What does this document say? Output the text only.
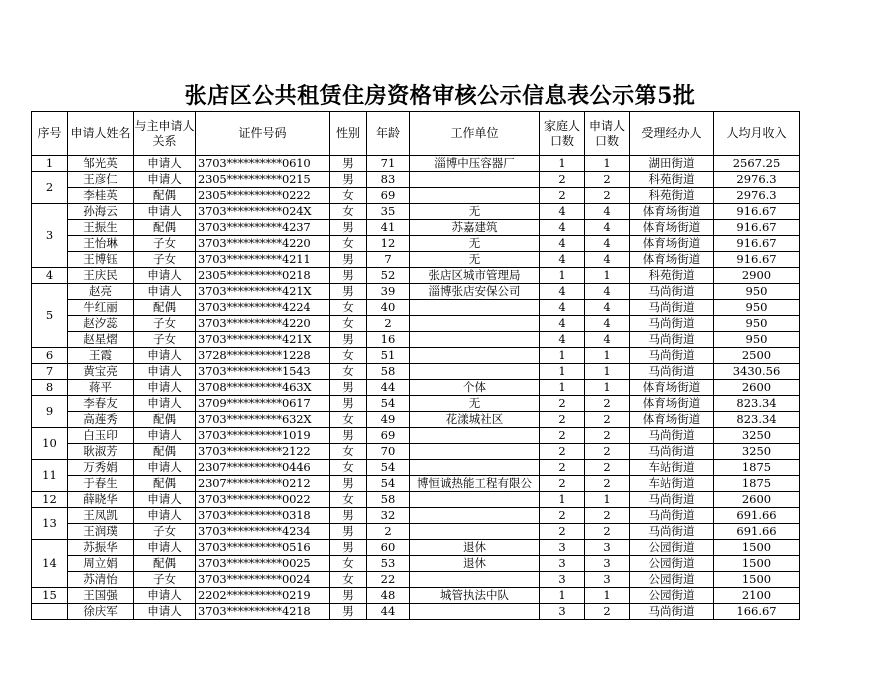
张店区公共租赁住房资格审核公示信息表公示第5批
序号	申请人姓名	与主申请人关系	证件号码	性别	年龄	工作单位	家庭人口数	申请人口数	受理经办人	人均月收入
1	邹光英	申请人	3703**********0610	男	71	淄博中压容器厂	1	1	湖田街道	2567.25
2	王彦仁	申请人	2305**********0215	男	83		2	2	科苑街道	2976.3
	李桂英	配偶	2305**********0222	女	69		2	2	科苑街道	2976.3
3	孙海云	申请人	3703**********024X	女	35	无	4	4	体育场街道	916.67
	王振生	配偶	3703**********4237	男	41	苏嘉建筑	4	4	体育场街道	916.67
	王怡琳	子女	3703**********4220	女	12	无	4	4	体育场街道	916.67
	王博钰	子女	3703**********4211	男	7	无	4	4	体育场街道	916.67
4	王庆民	申请人	2305**********0218	男	52	张店区城市管理局	1	1	科苑街道	2900
5	赵亮	申请人	3703**********421X	男	39	淄博张店安保公司	4	4	马尚街道	950
	牛红丽	配偶	3703**********4224	女	40		4	4	马尚街道	950
	赵汐蕊	子女	3703**********4220	女	2		4	4	马尚街道	950
	赵星熠	子女	3703**********421X	男	16		4	4	马尚街道	950
6	王霞	申请人	3728**********1228	女	51		1	1	马尚街道	2500
7	黄宝亮	申请人	3703**********1543	女	58		1	1	马尚街道	3430.56
8	蒋平	申请人	3708**********463X	男	44	个体	1	1	体育场街道	2600
9	李春友	申请人	3709**********0617	男	54	无	2	2	体育场街道	823.34
	高莲秀	配偶	3703**********632X	女	49	花漾城社区	2	2	体育场街道	823.34
10	白玉印	申请人	3703**********1019	男	69		2	2	马尚街道	3250
	耿淑芳	配偶	3703**********2122	女	70		2	2	马尚街道	3250
11	万秀娟	申请人	2307**********0446	女	54		2	2	车站街道	1875
	于春生	配偶	2307**********0212	男	54	博恒诚热能工程有限公	2	2	车站街道	1875
12	薛晓华	申请人	3703**********0022	女	58		1	1	马尚街道	2600
13	王凤凯	申请人	3703**********0318	男	32		2	2	马尚街道	691.66
	王润璞	子女	3703**********4234	男	2		2	2	马尚街道	691.66
14	苏振华	申请人	3703**********0516	男	60	退休	3	3	公园街道	1500
	周立娟	配偶	3703**********0025	女	53	退休	3	3	公园街道	1500
	苏清怡	子女	3703**********0024	女	22		3	3	公园街道	1500
15	王国强	申请人	2202**********0219	男	48	城管执法中队	1	1	公园街道	2100
	徐庆军	申请人	3703**********4218	男	44		3	2	马尚街道	166.67
